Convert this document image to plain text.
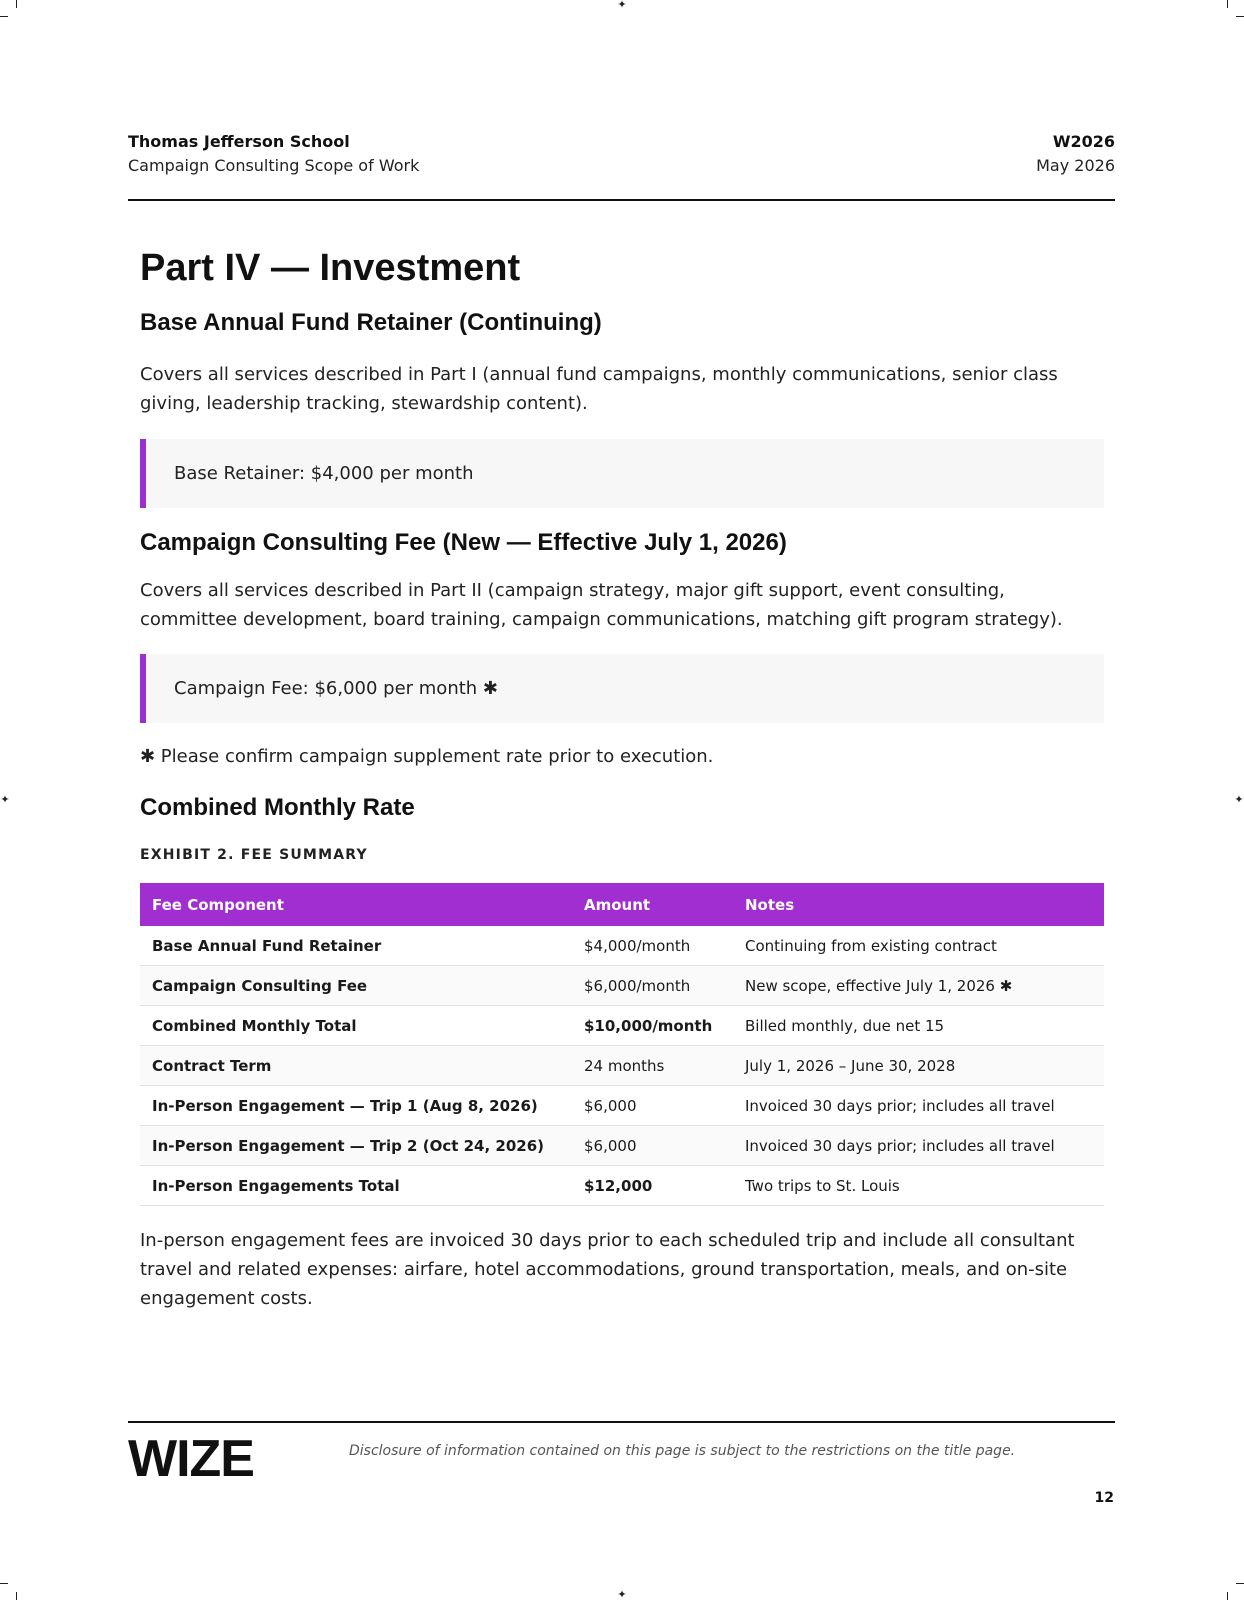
✦
✦
✦	✦
Thomas Jefferson School
Campaign Consulting Scope of Work
W2026
May 2026
Part IV — Investment
Base Annual Fund Retainer (Continuing)

Covers all services described in Part I (annual fund campaigns, monthly communications, senior class giving, leadership tracking, stewardship content).

Base Retainer: $4,000 per month
Campaign Consulting Fee (New — Effective July 1, 2026)

Covers all services described in Part II (campaign strategy, major gift support, event consulting, committee development, board training, campaign communications, matching gift program strategy).

Campaign Fee: $6,000 per month ✱

✱ Please confirm campaign supplement rate prior to execution.

Combined Monthly Rate
EXHIBIT 2. FEE SUMMARY
Fee Component	Amount	Notes
Base Annual Fund Retainer	$4,000/month	Continuing from existing contract
Campaign Consulting Fee	$6,000/month	New scope, effective July 1, 2026 ✱
Combined Monthly Total	$10,000/month	Billed monthly, due net 15
Contract Term	24 months	July 1, 2026 – June 30, 2028
In-Person Engagement — Trip 1 (Aug 8, 2026)	$6,000	Invoiced 30 days prior; includes all travel
In-Person Engagement — Trip 2 (Oct 24, 2026)	$6,000	Invoiced 30 days prior; includes all travel
In-Person Engagements Total	$12,000	Two trips to St. Louis

In-person engagement fees are invoiced 30 days prior to each scheduled trip and include all consultant travel and related expenses: airfare, hotel accommodations, ground transportation, meals, and on-site engagement costs.

WIZE	Disclosure of information contained on this page is subject to the restrictions on the title page.
12
